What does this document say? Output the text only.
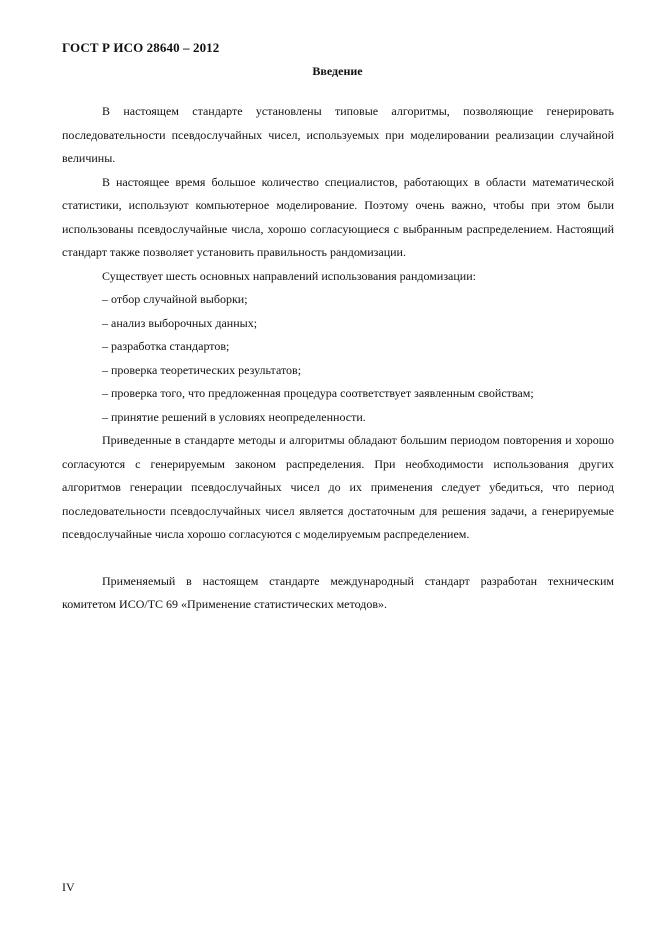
ГОСТ Р ИСО 28640 – 2012
Введение

В настоящем стандарте установлены типовые алгоритмы, позволяющие генерировать последовательности псевдослучайных чисел, используемых при моделировании реализации случайной величины.

В настоящее время большое количество специалистов, работающих в области математической статистики, используют компьютерное моделирование. Поэтому очень важно, чтобы при этом были использованы псевдослучайные числа, хорошо согласующиеся с выбранным распределением. Настоящий стандарт также позволяет установить правильность рандомизации.

Существует шесть основных направлений использования рандомизации:

– отбор случайной выборки;

– анализ выборочных данных;

– разработка стандартов;

– проверка теоретических результатов;

– проверка того, что предложенная процедура соответствует заявленным свойствам;

– принятие решений в условиях неопределенности.

Приведенные в стандарте методы и алгоритмы обладают большим периодом повторения и хорошо согласуются с генерируемым законом распределения. При необходимости использования других алгоритмов генерации псевдослучайных чисел до их применения следует убедиться, что период последовательности псевдослучайных чисел является достаточным для решения задачи, а генерируемые псевдослучайные числа хорошо согласуются с моделируемым распределением.

Применяемый в настоящем стандарте международный стандарт разработан техническим комитетом ИСО/ТС 69 «Применение статистических методов».

IV
